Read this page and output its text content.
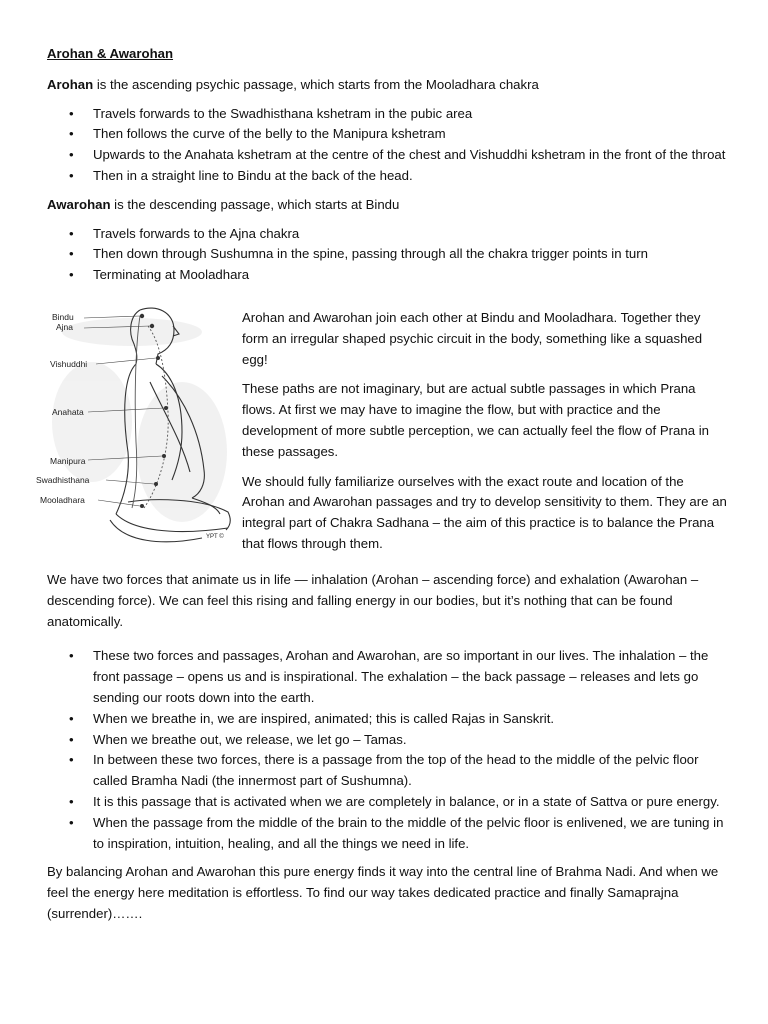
Arohan & Awarohan

Arohan is the ascending psychic passage, which starts from the Mooladhara chakra

• Travels forwards to the Swadhisthana kshetram in the pubic area
• Then follows the curve of the belly to the Manipura kshetram
• Upwards to the Anahata kshetram at the centre of the chest and Vishuddhi kshetram in the front of the throat
• Then in a straight line to Bindu at the back of the head.

Awarohan is the descending passage, which starts at Bindu

• Travels forwards to the Ajna chakra
• Then down through Sushumna in the spine, passing through all the chakra trigger points in turn
• Terminating at Mooladhara
Bindu
Ajna
Vishuddhi
Anahata
Manipura
Swadhisthana
Mooladhara
YPT ©

Arohan and Awarohan join each other at Bindu and Mooladhara. Together they form an irregular shaped psychic circuit in the body, something like a squashed egg!

These paths are not imaginary, but are actual subtle passages in which Prana flows. At first we may have to imagine the flow, but with practice and the development of more subtle perception, we can actually feel the flow of Prana in these passages.

We should fully familiarize ourselves with the exact route and location of the Arohan and Awarohan passages and try to develop sensitivity to them. They are an integral part of Chakra Sadhana – the aim of this practice is to balance the Prana that flows through them.

We have two forces that animate us in life — inhalation (Arohan – ascending force) and exhalation (Awarohan – descending force). We can feel this rising and falling energy in our bodies, but it’s nothing that can be found anatomically.

• These two forces and passages, Arohan and Awarohan, are so important in our lives. The inhalation – the front passage – opens us and is inspirational. The exhalation – the back passage – releases and lets go sending our roots down into the earth.
• When we breathe in, we are inspired, animated; this is called Rajas in Sanskrit.
• When we breathe out, we release, we let go – Tamas.
• In between these two forces, there is a passage from the top of the head to the middle of the pelvic floor called Bramha Nadi (the innermost part of Sushumna).
• It is this passage that is activated when we are completely in balance, or in a state of Sattva or pure energy.
• When the passage from the middle of the brain to the middle of the pelvic floor is enlivened, we are tuning in to inspiration, intuition, healing, and all the things we need in life.

By balancing Arohan and Awarohan this pure energy finds it way into the central line of Brahma Nadi. And when we feel the energy here meditation is effortless. To find our way takes dedicated practice and finally Samaprajna (surrender)…….
